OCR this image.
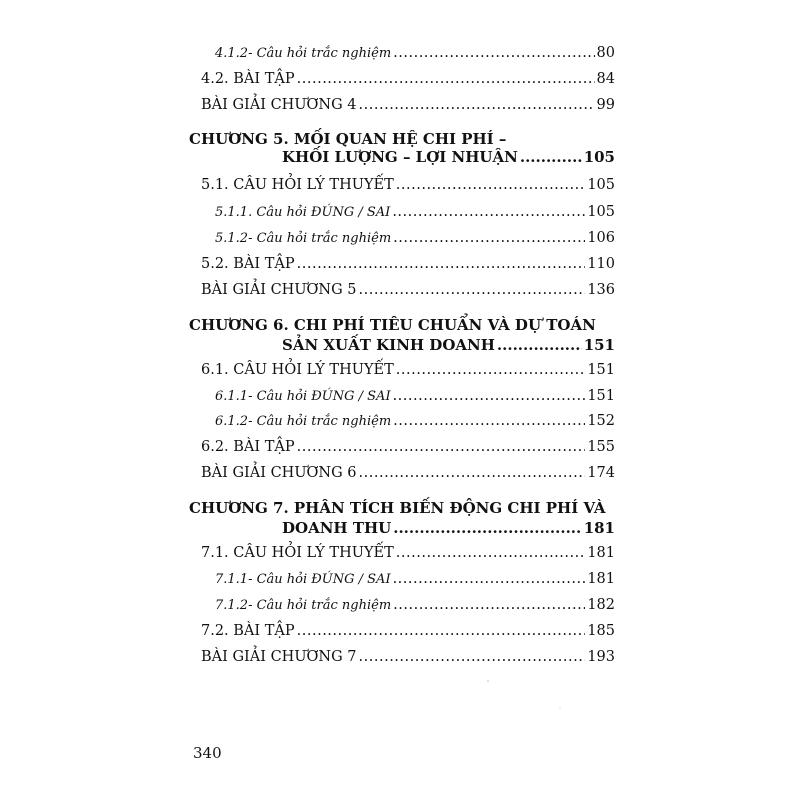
4.1.2- Câu hỏi trắc nghiệm .....	80
4.2. BÀI TẬP .....	84
BÀI GIẢI CHƯƠNG 4 .....	99
CHƯƠNG 5. MỐI QUAN HỆ CHI PHÍ –
KHỐI LƯỢNG – LỢI NHUẬN .....	105
5.1. CÂU HỎI LÝ THUYẾT .....	105
5.1.1. Câu hỏi ĐÚNG / SAI .....	105
5.1.2- Câu hỏi trắc nghiệm .....	106
5.2. BÀI TẬP .....	110
BÀI GIẢI CHƯƠNG 5 .....	136
CHƯƠNG 6. CHI PHÍ TIÊU CHUẨN VÀ DỰ TOÁN
SẢN XUẤT KINH DOANH .....	151
6.1. CÂU HỎI LÝ THUYẾT .....	151
6.1.1- Câu hỏi ĐÚNG / SAI .....	151
6.1.2- Câu hỏi trắc nghiệm .....	152
6.2. BÀI TẬP .....	155
BÀI GIẢI CHƯƠNG 6 .....	174
CHƯƠNG 7. PHÂN TÍCH BIẾN ĐỘNG CHI PHÍ VÀ
DOANH THU .....	181
7.1. CÂU HỎI LÝ THUYẾT .....	181
7.1.1- Câu hỏi ĐÚNG / SAI .....	181
7.1.2- Câu hỏi trắc nghiệm .....	182
7.2. BÀI TẬP .....	185
BÀI GIẢI CHƯƠNG 7 .....	193
340
